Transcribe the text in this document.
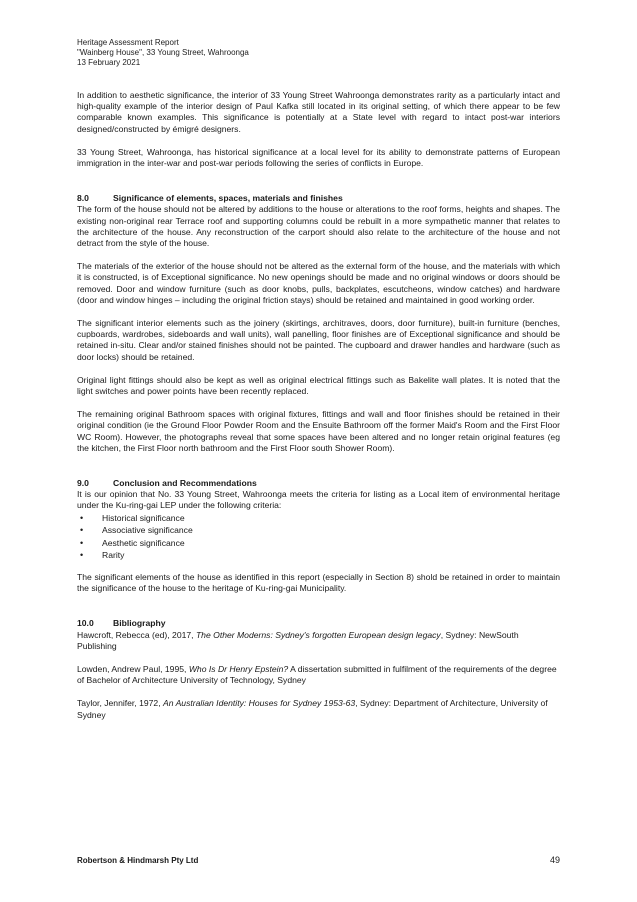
Heritage Assessment Report
"Wainberg House", 33 Young Street, Wahroonga
13 February 2021

In addition to aesthetic significance, the interior of 33 Young Street Wahroonga demonstrates rarity as a particularly intact and high-quality example of the interior design of Paul Kafka still located in its original setting, of which there appear to be few comparable known examples. This significance is potentially at a State level with regard to intact post-war interiors designed/constructed by émigré designers.

33 Young Street, Wahroonga, has historical significance at a local level for its ability to demonstrate patterns of European immigration in the inter-war and post-war periods following the series of conflicts in Europe.

8.0	Significance of elements, spaces, materials and finishes

The form of the house should not be altered by additions to the house or alterations to the roof forms, heights and shapes. The existing non-original rear Terrace roof and supporting columns could be rebuilt in a more sympathetic manner that relates to the architecture of the house. Any reconstruction of the carport should also relate to the architecture of the house and not detract from the style of the house.

The materials of the exterior of the house should not be altered as the external form of the house, and the materials with which it is constructed, is of Exceptional significance. No new openings should be made and no original windows or doors should be removed. Door and window furniture (such as door knobs, pulls, backplates, escutcheons, window catches) and hardware (door and window hinges – including the original friction stays) should be retained and maintained in good working order.

The significant interior elements such as the joinery (skirtings, architraves, doors, door furniture), built-in furniture (benches, cupboards, wardrobes, sideboards and wall units), wall panelling, floor finishes are of Exceptional significance and should be retained in-situ. Clear and/or stained finishes should not be painted. The cupboard and drawer handles and hardware (such as door locks) should be retained.

Original light fittings should also be kept as well as original electrical fittings such as Bakelite wall plates. It is noted that the light switches and power points have been recently replaced.

The remaining original Bathroom spaces with original fixtures, fittings and wall and floor finishes should be retained in their original condition (ie the Ground Floor Powder Room and the Ensuite Bathroom off the former Maid's Room and the First Floor WC Room). However, the photographs reveal that some spaces have been altered and no longer retain original features (eg the kitchen, the First Floor north bathroom and the First Floor south Shower Room).

9.0	Conclusion and Recommendations

It is our opinion that No. 33 Young Street, Wahroonga meets the criteria for listing as a Local item of environmental heritage under the Ku-ring-gai LEP under the following criteria:

• Historical significance
• Associative significance
• Aesthetic significance
• Rarity

The significant elements of the house as identified in this report (especially in Section 8) shold be retained in order to maintain the significance of the house to the heritage of Ku-ring-gai Municipality.

10.0	Bibliography

Hawcroft, Rebecca (ed), 2017, The Other Moderns: Sydney's forgotten European design legacy, Sydney: NewSouth Publishing

Lowden, Andrew Paul, 1995, Who Is Dr Henry Epstein? A dissertation submitted in fulfilment of the requirements of the degree of Bachelor of Architecture University of Technology, Sydney

Taylor, Jennifer, 1972, An Australian Identity: Houses for Sydney 1953-63, Sydney: Department of Architecture, University of Sydney

Robertson & Hindmarsh Pty Ltd	49
